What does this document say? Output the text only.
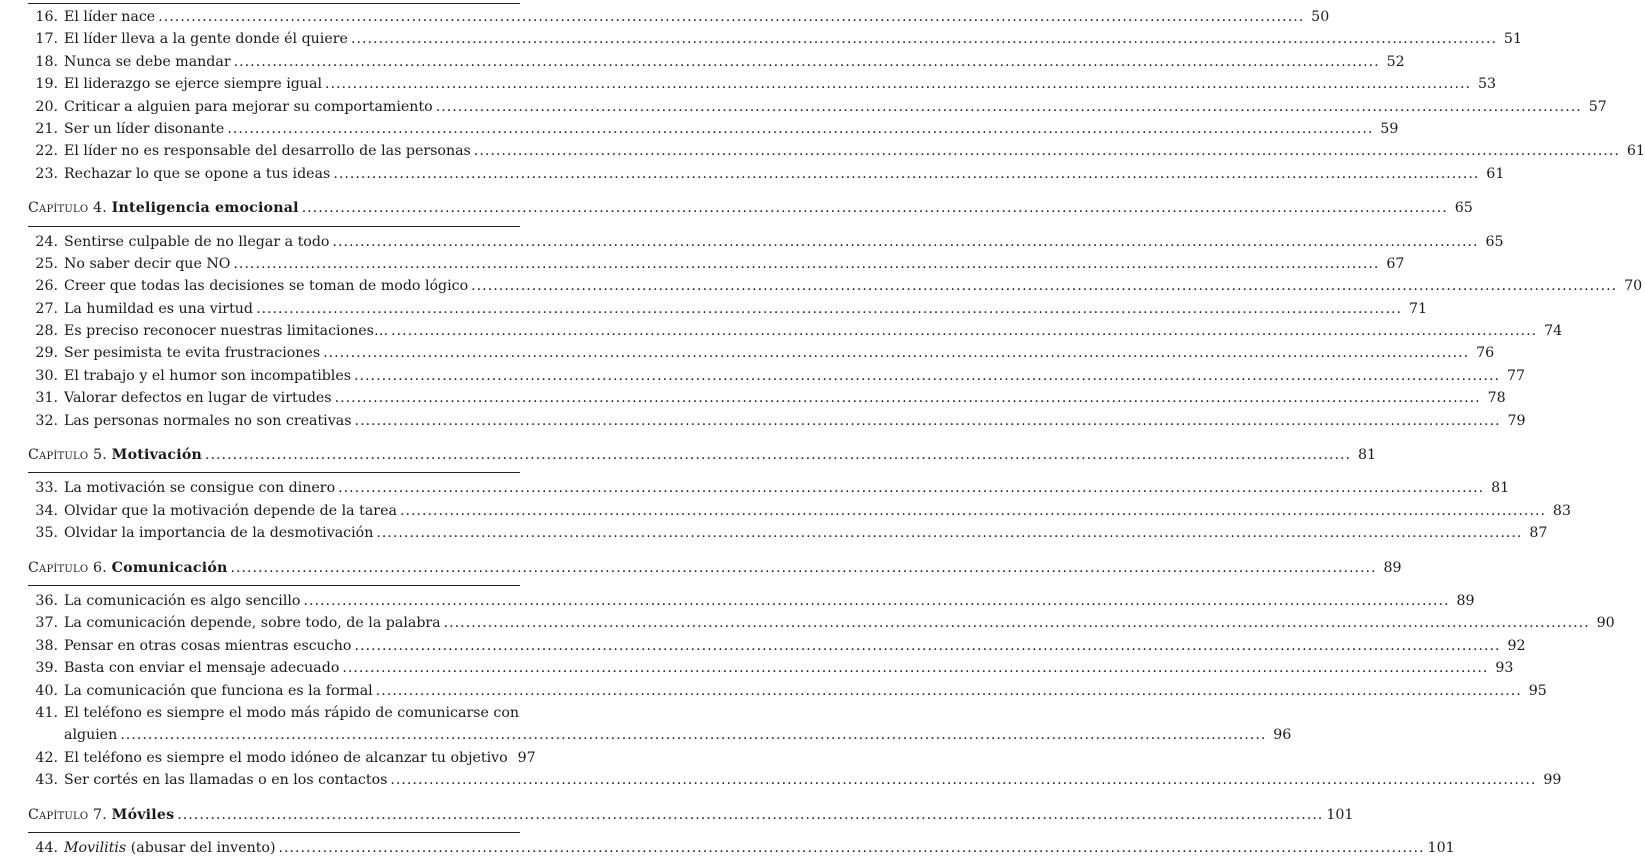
16. El líder nace .....	50
17. El líder lleva a la gente donde él quiere .....	51
18. Nunca se debe mandar .....	52
19. El liderazgo se ejerce siempre igual .....	53
20. Criticar a alguien para mejorar su comportamiento .....	57
21. Ser un líder disonante .....	59
22. El líder no es responsable del desarrollo de las personas .....	61
23. Rechazar lo que se opone a tus ideas .....	61
Capítulo 4. Inteligencia emocional .....	65
24. Sentirse culpable de no llegar a todo .....	65
25. No saber decir que NO .....	67
26. Creer que todas las decisiones se toman de modo lógico .....	70
27. La humildad es una virtud .....	71
28. Es preciso reconocer nuestras limitaciones… .....	74
29. Ser pesimista te evita frustraciones .....	76
30. El trabajo y el humor son incompatibles .....	77
31. Valorar defectos en lugar de virtudes .....	78
32. Las personas normales no son creativas .....	79
Capítulo 5. Motivación .....	81
33. La motivación se consigue con dinero .....	81
34. Olvidar que la motivación depende de la tarea .....	83
35. Olvidar la importancia de la desmotivación .....	87
Capítulo 6. Comunicación .....	89
36. La comunicación es algo sencillo .....	89
37. La comunicación depende, sobre todo, de la palabra .....	90
38. Pensar en otras cosas mientras escucho .....	92
39. Basta con enviar el mensaje adecuado .....	93
40. La comunicación que funciona es la formal .....	95
41. El teléfono es siempre el modo más rápido de comunicarse con
alguien .....	96
42. El teléfono es siempre el modo idóneo de alcanzar tu objetivo 97
43. Ser cortés en las llamadas o en los contactos .....	99
Capítulo 7. Móviles .....	101
44. Movilitis (abusar del invento) .....	101
